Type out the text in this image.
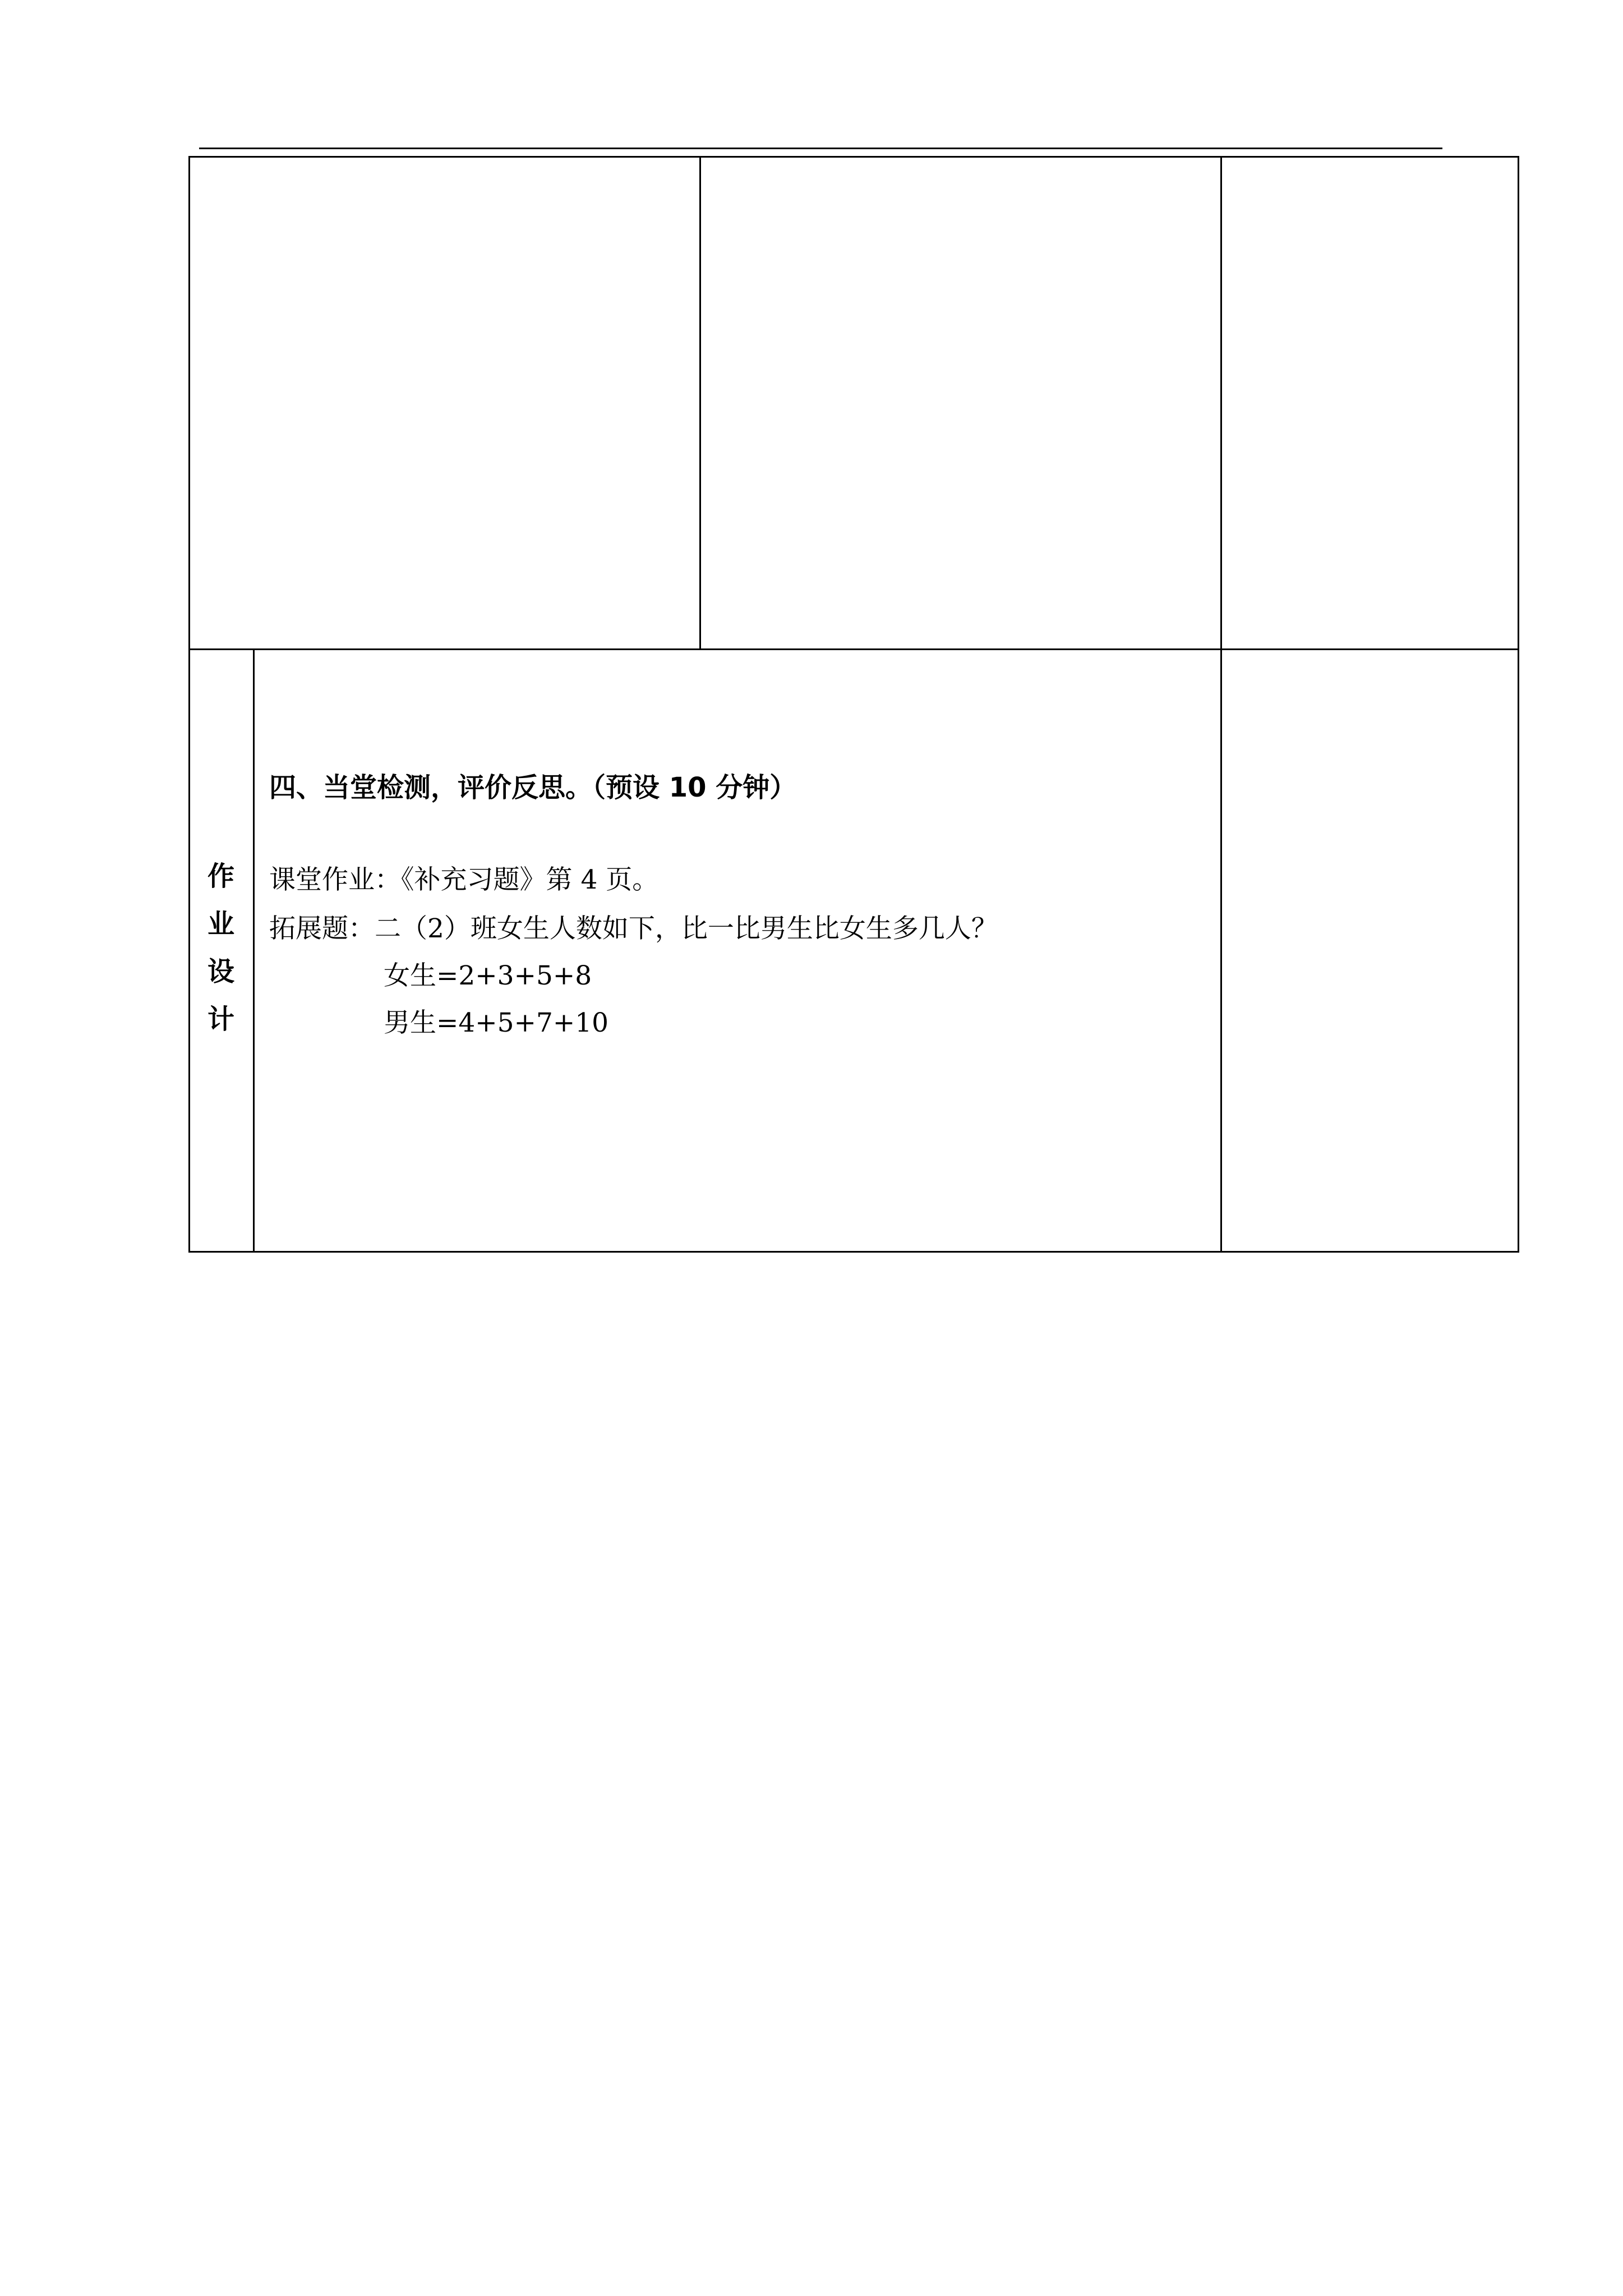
作
业
设
计
四、当堂检测，评价反思。（预设 10 分钟）
课堂作业：《补充习题》第 4 页。
拓展题：二（2）班女生人数如下，比一比男生比女生多几人？
女生=2+3+5+8
男生=4+5+7+10
